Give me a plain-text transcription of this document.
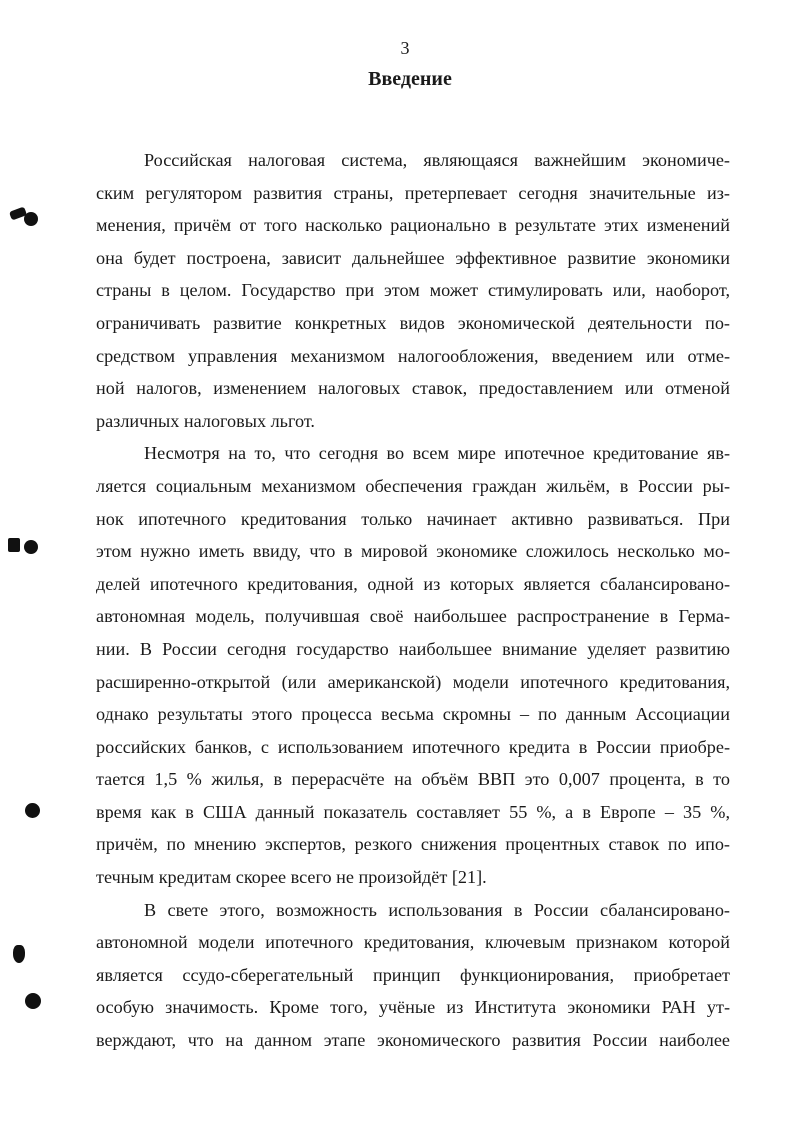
3
Введение
Российская налоговая система, являющаяся важнейшим экономиче-
ским регулятором развития страны, претерпевает сегодня значительные из-
менения, причём от того насколько рационально в результате этих изменений
она будет построена, зависит дальнейшее эффективное развитие экономики
страны в целом. Государство при этом может стимулировать или, наоборот,
ограничивать развитие конкретных видов экономической деятельности по-
средством управления механизмом налогообложения, введением или отме-
ной налогов, изменением налоговых ставок, предоставлением или отменой
различных налоговых льгот.
Несмотря на то, что сегодня во всем мире ипотечное кредитование яв-
ляется социальным механизмом обеспечения граждан жильём, в России ры-
нок ипотечного кредитования только начинает активно развиваться. При
этом нужно иметь ввиду, что в мировой экономике сложилось несколько мо-
делей ипотечного кредитования, одной из которых является сбалансировано-
автономная модель, получившая своё наибольшее распространение в Герма-
нии. В России сегодня государство наибольшее внимание уделяет развитию
расширенно-открытой (или американской) модели ипотечного кредитования,
однако результаты этого процесса весьма скромны – по данным Ассоциации
российских банков, с использованием ипотечного кредита в России приобре-
тается 1,5 % жилья, в перерасчёте на объём ВВП это 0,007 процента, в то
время как в США данный показатель составляет 55 %, а в Европе – 35 %,
причём, по мнению экспертов, резкого снижения процентных ставок по ипо-
течным кредитам скорее всего не произойдёт [21].
В свете этого, возможность использования в России сбалансировано-
автономной модели ипотечного кредитования, ключевым признаком которой
является ссудо-сберегательный принцип функционирования, приобретает
особую значимость. Кроме того, учёные из Института экономики РАН ут-
верждают, что на данном этапе экономического развития России наиболее
